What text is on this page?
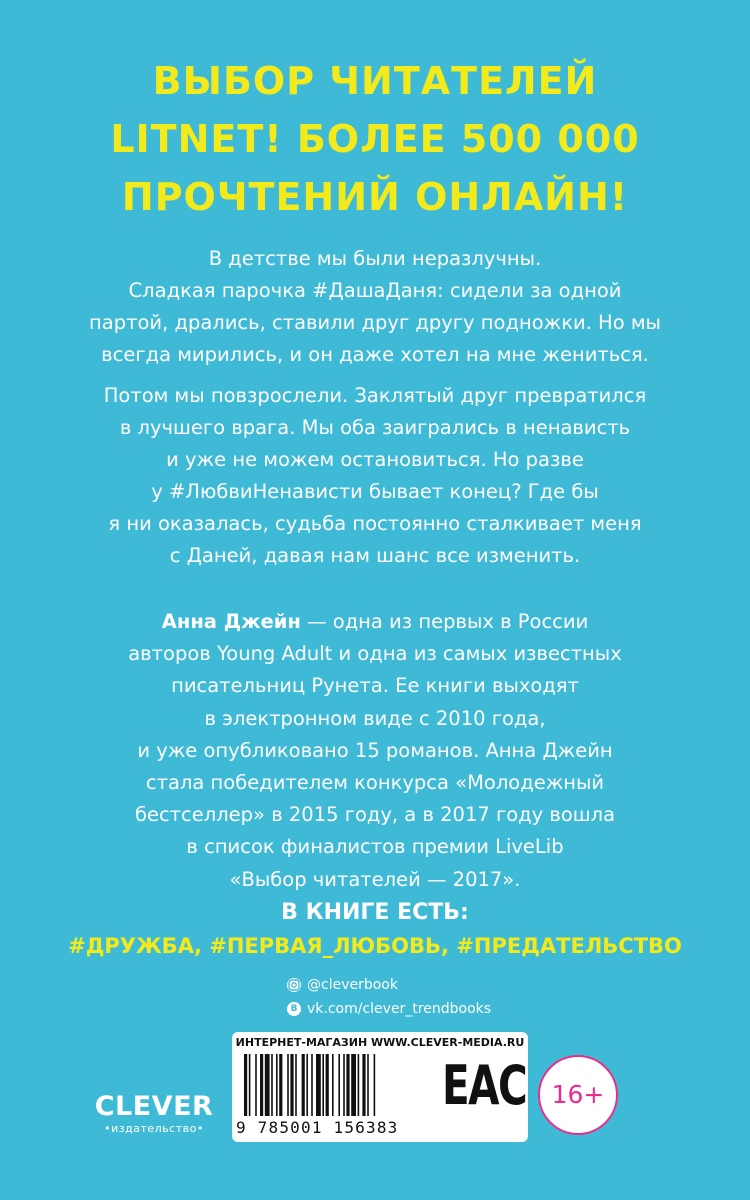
ВЫБОР ЧИТАТЕЛЕЙ
LITNET! БОЛЕЕ 500 000
ПРОЧТЕНИЙ ОНЛАЙН!
В детстве мы были неразлучны.
Сладкая парочка #ДашаДаня: сидели за одной
партой, дрались, ставили друг другу подножки. Но мы
всегда мирились, и он даже хотел на мне жениться.
Потом мы повзрослели. Заклятый друг превратился
в лучшего врага. Мы оба заигрались в ненависть
и уже не можем остановиться. Но разве
у #ЛюбвиНенависти бывает конец? Где бы
я ни оказалась, судьба постоянно сталкивает меня
с Даней, давая нам шанс все изменить.
Анна Джейн — одна из первых в России
авторов Young Adult и одна из самых известных
писательниц Рунета. Ее книги выходят
в электронном виде с 2010 года,
и уже опубликовано 15 романов. Анна Джейн
стала победителем конкурса «Молодежный
бестселлер» в 2015 году, а в 2017 году вошла
в список финалистов премии LiveLib
«Выбор читателей — 2017».
В КНИГЕ ЕСТЬ:
#ДРУЖБА, #ПЕРВАЯ_ЛЮБОВЬ, #ПРЕДАТЕЛЬСТВО
@cleverbook
B vk.com/clever_trendbooks
ИНТЕРНЕТ-МАГАЗИН WWW.CLEVER-MEDIA.RU
9 785001 156383
EAC	16+
CLEVER
•издательство•
